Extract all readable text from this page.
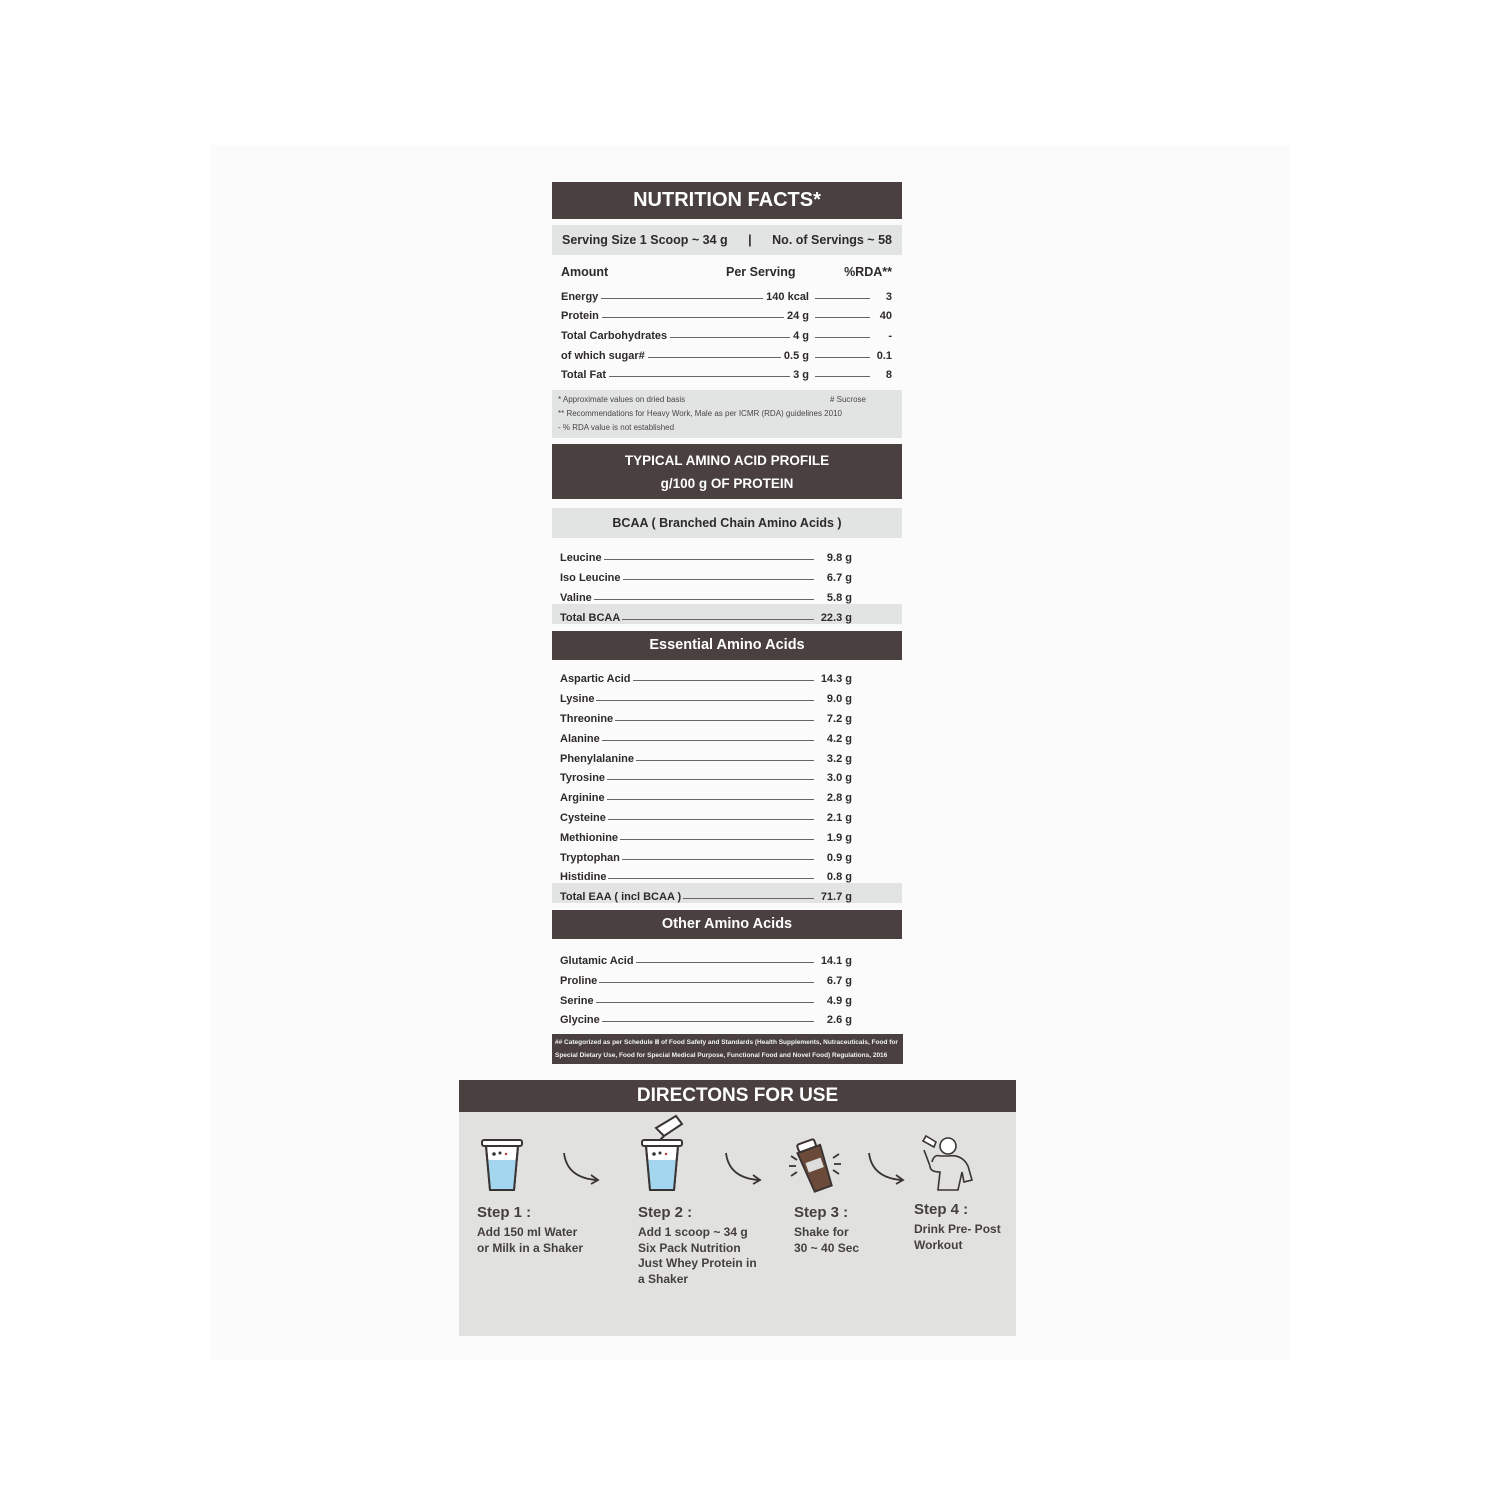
NUTRITION FACTS*
Serving Size 1 Scoop ~ 34 g	|	No. of Servings ~ 58
Amount	Per Serving	%RDA**
Energy	140 kcal	3
Protein	24 g	40
Total Carbohydrates	4 g	-
of which sugar#	0.5 g	0.1
Total Fat	3 g	8
* Approximate values on dried basis	# Sucrose
** Recommendations for Heavy Work, Male as per ICMR (RDA) guidelines 2010
- % RDA value is not established
TYPICAL AMINO ACID PROFILE
g/100 g OF PROTEIN
BCAA ( Branched Chain Amino Acids )
Leucine	9.8 g
Iso Leucine	6.7 g
Valine	5.8 g
Total BCAA	22.3 g
Essential Amino Acids
Aspartic Acid	14.3 g
Lysine	9.0 g
Threonine	7.2 g
Alanine	4.2 g
Phenylalanine	3.2 g
Tyrosine	3.0 g
Arginine	2.8 g
Cysteine	2.1 g
Methionine	1.9 g
Tryptophan	0.9 g
Histidine	0.8 g
Total EAA ( incl BCAA )	71.7 g
Other Amino Acids
Glutamic Acid	14.1 g
Proline	6.7 g
Serine	4.9 g
Glycine	2.6 g
## Categorized as per Schedule Ⅲ of Food Safety and Standards (Health Supplements, Nutraceuticals, Food for Special Dietary Use, Food for Special Medical Purpose, Functional Food and Novel Food) Regulations, 2016
DIRECTONS FOR USE
Step 1 :
Add 150 ml Water
or Milk in a Shaker
Step 2 :
Add 1 scoop ~ 34 g
Six Pack Nutrition
Just Whey Protein in
a Shaker
Step 3 :
Shake for
30 ~ 40 Sec
Step 4 :
Drink Pre- Post
Workout
